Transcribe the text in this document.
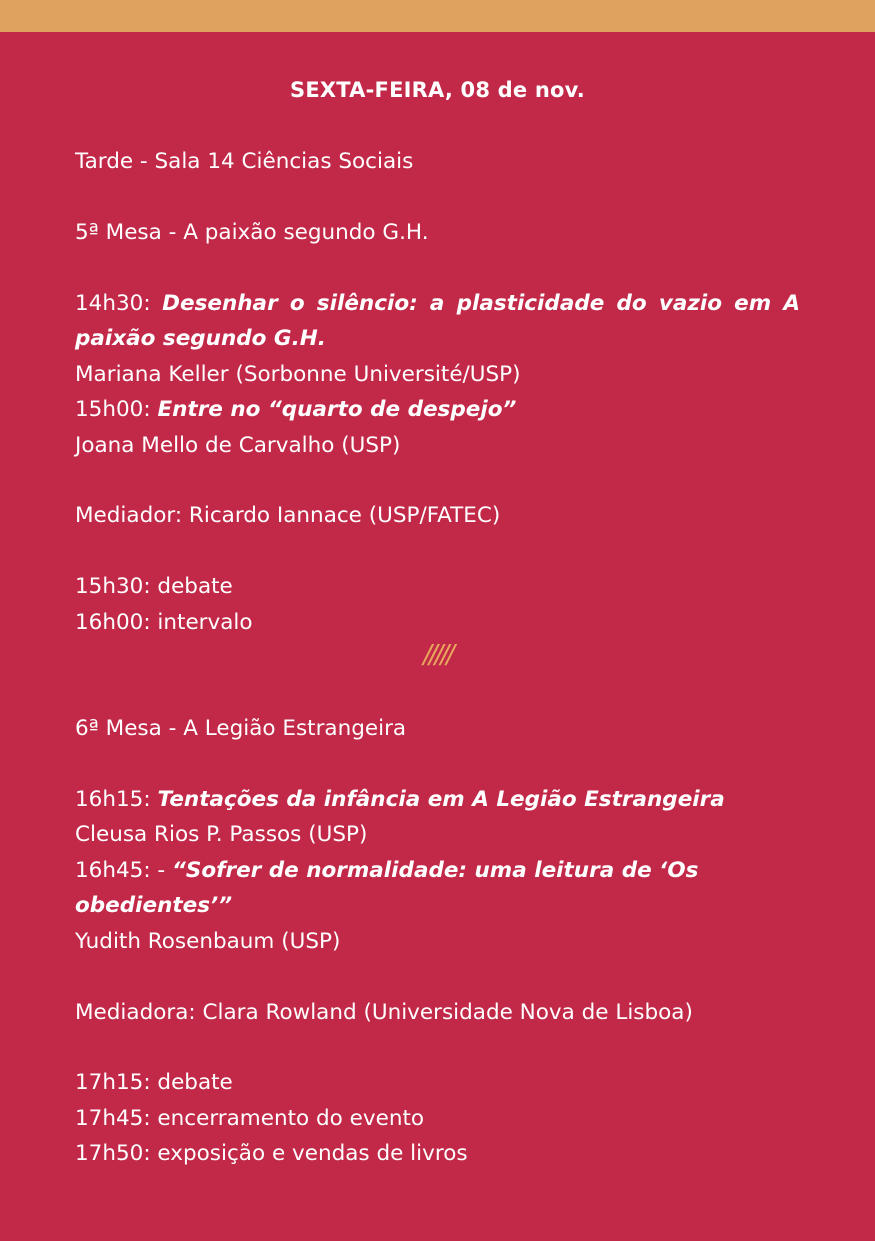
SEXTA-FEIRA, 08 de nov.
Tarde - Sala 14 Ciências Sociais
5ª Mesa - A paixão segundo G.H.
14h30: Desenhar o silêncio: a plasticidade do vazio em A
paixão segundo G.H.
Mariana Keller (Sorbonne Université/USP)
15h00: Entre no “quarto de despejo”
Joana Mello de Carvalho (USP)
Mediador: Ricardo Iannace (USP/FATEC)
15h30: debate
16h00: intervalo
/////
6ª Mesa - A Legião Estrangeira
16h15: Tentações da infância em A Legião Estrangeira
Cleusa Rios P. Passos (USP)
16h45: - “Sofrer de normalidade: uma leitura de ‘Os
obedientes’”
Yudith Rosenbaum (USP)
Mediadora: Clara Rowland (Universidade Nova de Lisboa)
17h15: debate
17h45: encerramento do evento
17h50: exposição e vendas de livros
